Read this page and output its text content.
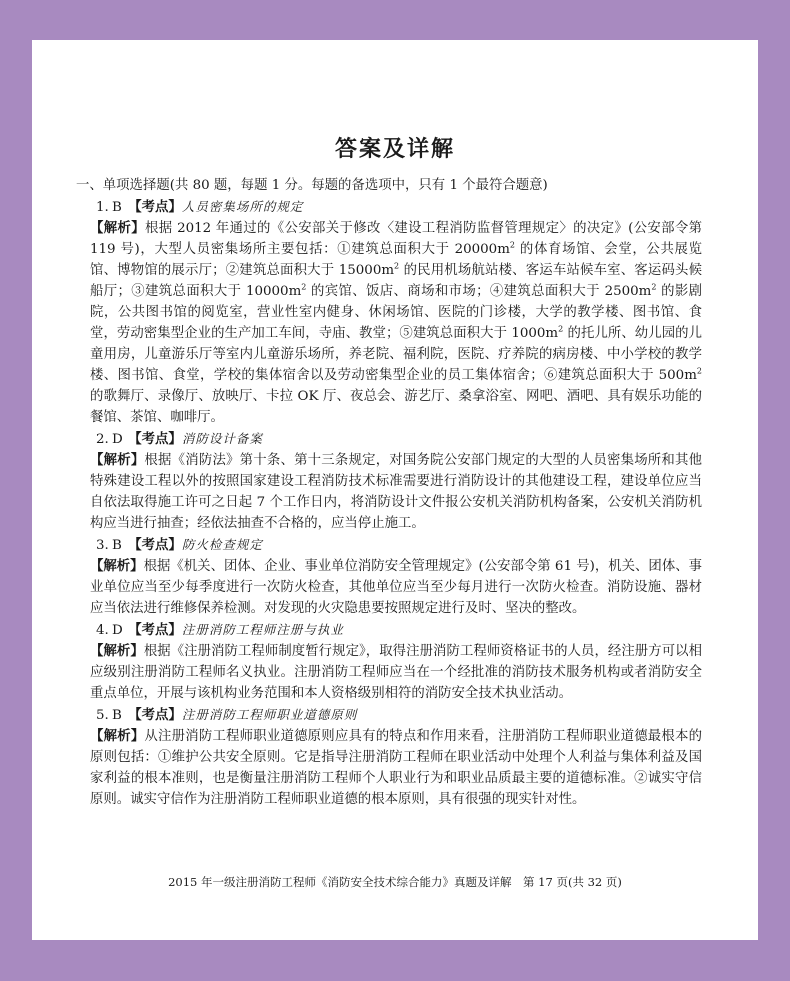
答案及详解
一、单项选择题(共 80 题，每题 1 分。每题的备选项中，只有 1 个最符合题意)
1. B 【考点】人员密集场所的规定
【解析】根据 2012 年通过的《公安部关于修改〈建设工程消防监督管理规定〉的决定》(公安部令第 119 号)，大型人员密集场所主要包括：①建筑总面积大于 $20000m^2$ 的体育场馆、会堂，公共展览馆、博物馆的展示厅；②建筑总面积大于 $15000m^2$ 的民用机场航站楼、客运车站候车室、客运码头候船厅；③建筑总面积大于 $10000m^2$ 的宾馆、饭店、商场和市场；④建筑总面积大于 $2500m^2$ 的影剧院，公共图书馆的阅览室，营业性室内健身、休闲场馆、医院的门诊楼，大学的教学楼、图书馆、食堂，劳动密集型企业的生产加工车间，寺庙、教堂；⑤建筑总面积大于 $1000m^2$ 的托儿所、幼儿园的儿童用房，儿童游乐厅等室内儿童游乐场所，养老院、福利院，医院、疗养院的病房楼、中小学校的教学楼、图书馆、食堂，学校的集体宿舍以及劳动密集型企业的员工集体宿舍；⑥建筑总面积大于 $500m^2$ 的歌舞厅、录像厅、放映厅、卡拉 OK 厅、夜总会、游艺厅、桑拿浴室、网吧、酒吧、具有娱乐功能的餐馆、茶馆、咖啡厅。
2. D 【考点】消防设计备案
【解析】根据《消防法》第十条、第十三条规定，对国务院公安部门规定的大型的人员密集场所和其他特殊建设工程以外的按照国家建设工程消防技术标准需要进行消防设计的其他建设工程，建设单位应当自依法取得施工许可之日起 7 个工作日内，将消防设计文件报公安机关消防机构备案，公安机关消防机构应当进行抽查；经依法抽查不合格的，应当停止施工。
3. B 【考点】防火检查规定
【解析】根据《机关、团体、企业、事业单位消防安全管理规定》(公安部令第 61 号)，机关、团体、事业单位应当至少每季度进行一次防火检查，其他单位应当至少每月进行一次防火检查。消防设施、器材应当依法进行维修保养检测。对发现的火灾隐患要按照规定进行及时、坚决的整改。
4. D 【考点】注册消防工程师注册与执业
【解析】根据《注册消防工程师制度暂行规定》，取得注册消防工程师资格证书的人员，经注册方可以相应级别注册消防工程师名义执业。注册消防工程师应当在一个经批准的消防技术服务机构或者消防安全重点单位，开展与该机构业务范围和本人资格级别相符的消防安全技术执业活动。
5. B 【考点】注册消防工程师职业道德原则
【解析】从注册消防工程师职业道德原则应具有的特点和作用来看，注册消防工程师职业道德最根本的原则包括：①维护公共安全原则。它是指导注册消防工程师在职业活动中处理个人利益与集体利益及国家利益的根本准则，也是衡量注册消防工程师个人职业行为和职业品质最主要的道德标准。②诚实守信原则。诚实守信作为注册消防工程师职业道德的根本原则，具有很强的现实针对性。
2015 年一级注册消防工程师《消防安全技术综合能力》真题及详解　第 17 页(共 32 页)
